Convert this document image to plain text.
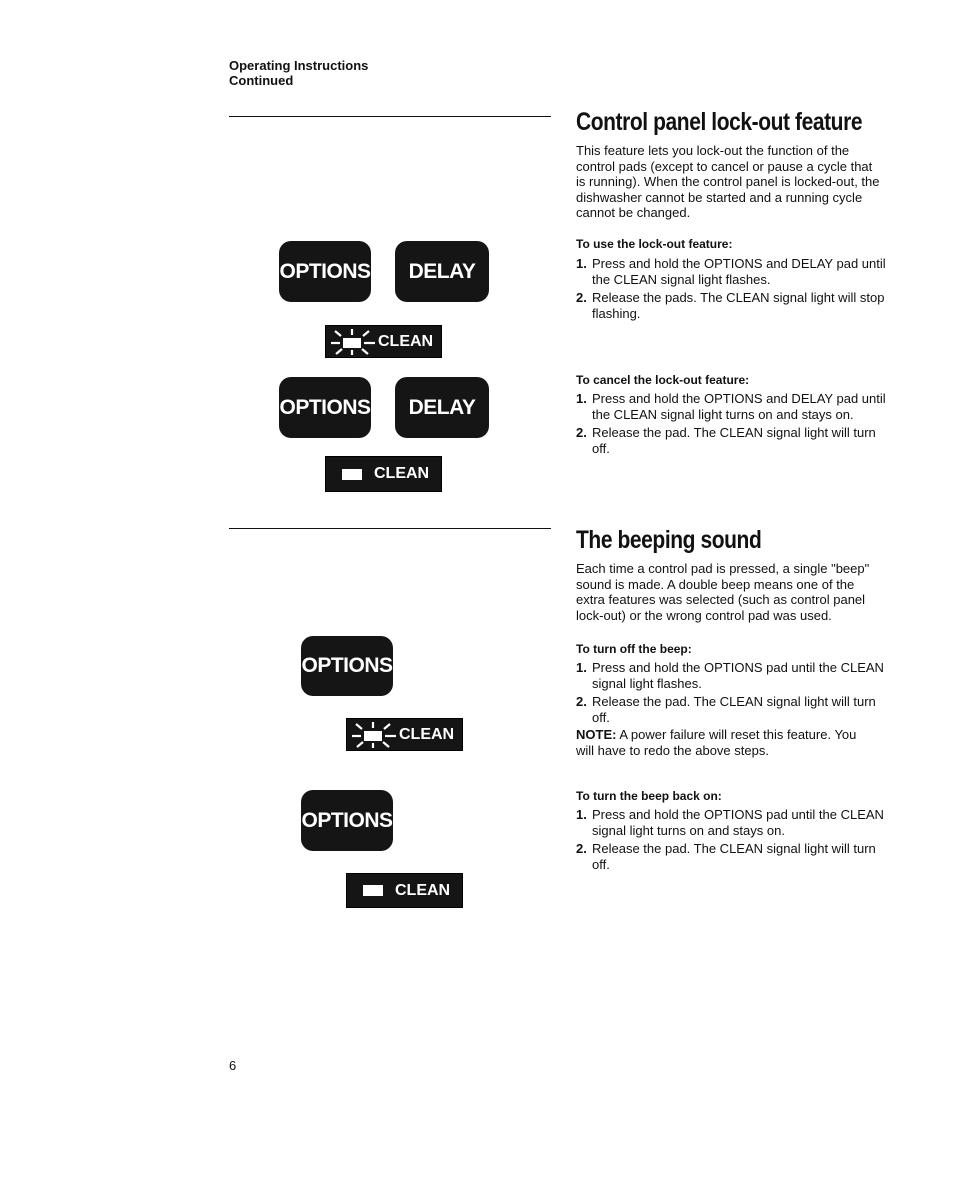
Operating Instructions
Continued
Control panel lock-out feature
This feature lets you lock-out the function of the control pads (except to cancel or pause a cycle that is running). When the control panel is locked-out, the dishwasher cannot be started and a running cycle cannot be changed.
To use the lock-out feature:
1. Press and hold the OPTIONS and DELAY pad until the CLEAN signal light flashes.
2. Release the pads. The CLEAN signal light will stop flashing.
To cancel the lock-out feature:
1. Press and hold the OPTIONS and DELAY pad until the CLEAN signal light turns on and stays on.
2. Release the pad. The CLEAN signal light will turn off.
OPTIONS	DELAY
CLEAN
OPTIONS	DELAY
CLEAN
The beeping sound
Each time a control pad is pressed, a single "beep" sound is made. A double beep means one of the extra features was selected (such as control panel lock-out) or the wrong control pad was used.
To turn off the beep:
1. Press and hold the OPTIONS pad until the CLEAN signal light flashes.
2. Release the pad. The CLEAN signal light will turn off.
NOTE: A power failure will reset this feature. You will have to redo the above steps.
To turn the beep back on:
1. Press and hold the OPTIONS pad until the CLEAN signal light turns on and stays on.
2. Release the pad. The CLEAN signal light will turn off.
OPTIONS
CLEAN
OPTIONS
CLEAN
6
